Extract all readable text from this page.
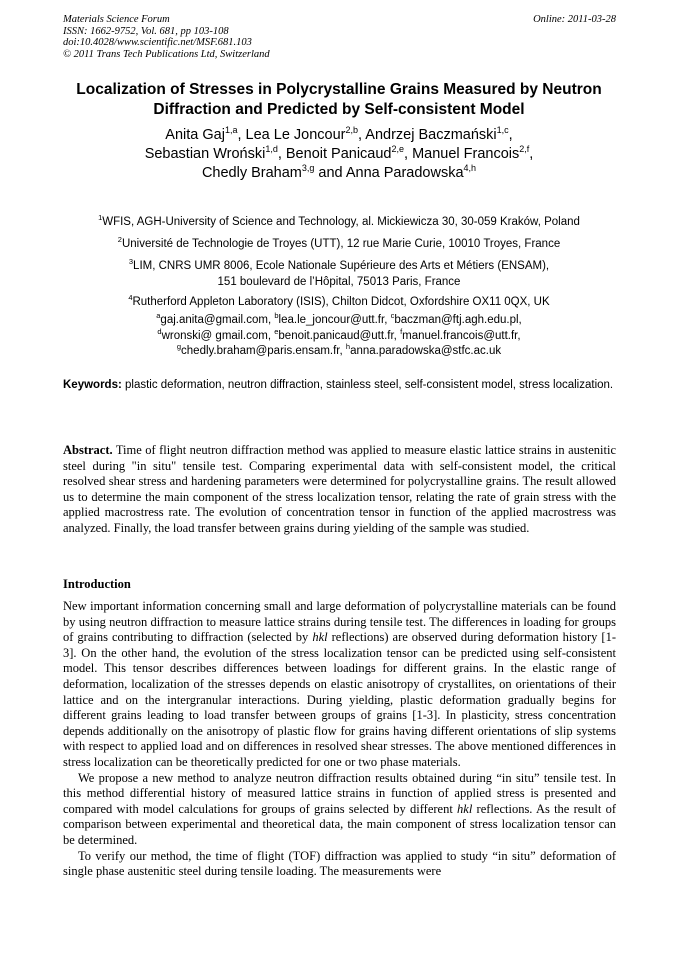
Materials Science Forum
ISSN: 1662-9752, Vol. 681, pp 103-108
doi:10.4028/www.scientific.net/MSF.681.103
© 2011 Trans Tech Publications Ltd, Switzerland
Online: 2011-03-28
Localization of Stresses in Polycrystalline Grains Measured by Neutron
Diffraction and Predicted by Self-consistent Model
Anita Gaj$^{1,a}$, Lea Le Joncour$^{2,b}$, Andrzej Baczmański$^{1,c}$,
Sebastian Wroński$^{1,d}$, Benoit Panicaud$^{2,e}$, Manuel Francois$^{2,f}$,
Chedly Braham$^{3,g}$ and Anna Paradowska$^{4,h}$
$^1$WFIS, AGH-University of Science and Technology, al. Mickiewicza 30, 30-059 Kraków, Poland
$^2$Université de Technologie de Troyes (UTT), 12 rue Marie Curie, 10010 Troyes, France
$^3$LIM, CNRS UMR 8006, Ecole Nationale Supérieure des Arts et Métiers (ENSAM),
151 boulevard de l’Hôpital, 75013 Paris, France
$^4$Rutherford Appleton Laboratory (ISIS), Chilton Didcot, Oxfordshire OX11 0QX, UK
$^a$gaj.anita@gmail.com, $^b$lea.le_joncour@utt.fr, $^c$baczman@ftj.agh.edu.pl,
$^d$wronski@ gmail.com, $^e$benoit.panicaud@utt.fr, $^f$manuel.francois@utt.fr,
$^g$chedly.braham@paris.ensam.fr, $^h$anna.paradowska@stfc.ac.uk
Keywords: plastic deformation, neutron diffraction, stainless steel, self-consistent model, stress localization.
Abstract. Time of flight neutron diffraction method was applied to measure elastic lattice strains in austenitic steel during "in situ" tensile test. Comparing experimental data with self-consistent model, the critical resolved shear stress and hardening parameters were determined for polycrystalline grains. The result allowed us to determine the main component of the stress localization tensor, relating the rate of grain stress with the applied macrostress rate. The evolution of concentration tensor in function of the applied macrostress was analyzed. Finally, the load transfer between grains during yielding of the sample was studied.
Introduction

New important information concerning small and large deformation of polycrystalline materials can be found by using neutron diffraction to measure lattice strains during tensile test. The differences in loading for groups of grains contributing to diffraction (selected by hkl reflections) are observed during deformation history [1-3]. On the other hand, the evolution of the stress localization tensor can be predicted using self-consistent model. This tensor describes differences between loadings for different grains. In the elastic range of deformation, localization of the stresses depends on elastic anisotropy of crystallites, on orientations of their lattice and on the intergranular interactions. During yielding, plastic deformation gradually begins for different grains leading to load transfer between groups of grains [1-3]. In plasticity, stress concentration depends additionally on the anisotropy of plastic flow for grains having different orientations of slip systems with respect to applied load and on differences in resolved shear stresses. The above mentioned differences in stress localization can be theoretically predicted for one or two phase materials.

We propose a new method to analyze neutron diffraction results obtained during “in situ” tensile test. In this method differential history of measured lattice strains in function of applied stress is presented and compared with model calculations for groups of grains selected by different hkl reflections. As the result of comparison between experimental and theoretical data, the main component of stress localization tensor can be determined.

To verify our method, the time of flight (TOF) diffraction was applied to study “in situ” deformation of single phase austenitic steel during tensile loading. The measurements were
